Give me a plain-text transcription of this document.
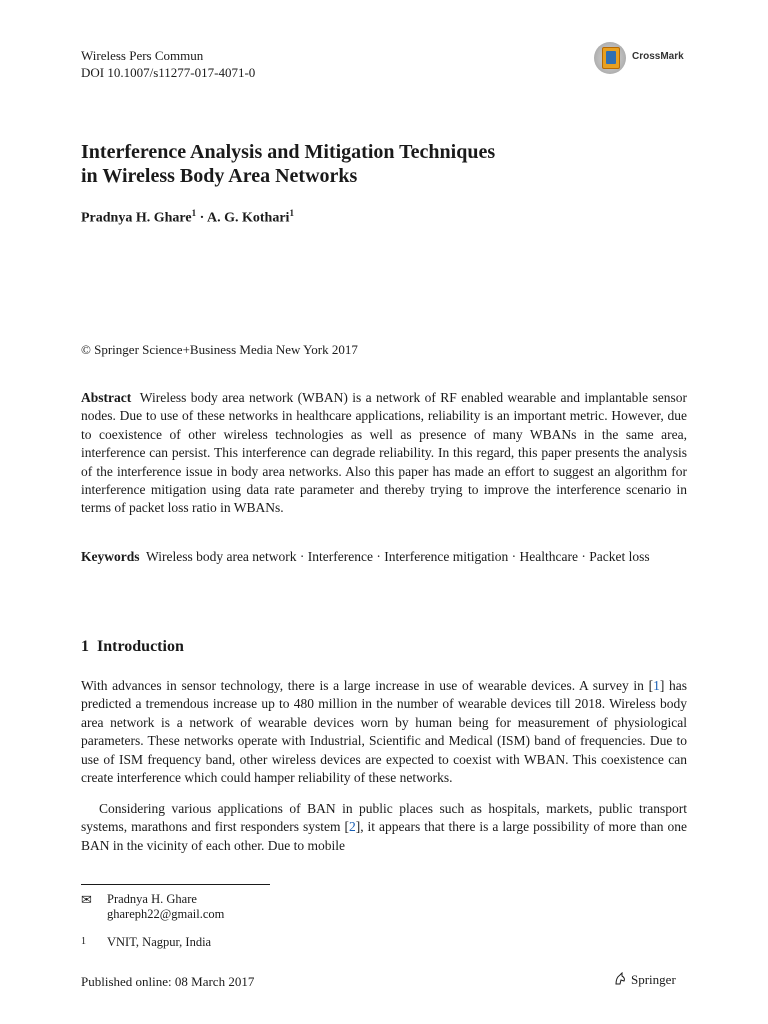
Wireless Pers Commun
DOI 10.1007/s11277-017-4071-0
CrossMark
Interference Analysis and Mitigation Techniques
in Wireless Body Area Networks
Pradnya H. Ghare$^1$ · A. G. Kothari$^1$
© Springer Science+Business Media New York 2017
Abstract Wireless body area network (WBAN) is a network of RF enabled wearable and implantable sensor nodes. Due to use of these networks in healthcare applications, reliability is an important metric. However, due to coexistence of other wireless technologies as well as presence of many WBANs in the same area, interference can persist. This interference can degrade reliability. In this regard, this paper presents the analysis of the interference issue in body area networks. Also this paper has made an effort to suggest an algorithm for interference mitigation using data rate parameter and thereby trying to improve the interference scenario in terms of packet loss ratio in WBANs.
Keywords Wireless body area network · Interference · Interference mitigation · Healthcare · Packet loss
1 Introduction
With advances in sensor technology, there is a large increase in use of wearable devices. A survey in [1] has predicted a tremendous increase up to 480 million in the number of wearable devices till 2018. Wireless body area network is a network of wearable devices worn by human being for measurement of physiological parameters. These networks operate with Industrial, Scientific and Medical (ISM) band of frequencies. Due to use of ISM frequency band, other wireless devices are expected to coexist with WBAN. This coexistence can create interference which could hamper reliability of these networks.
Considering various applications of BAN in public places such as hospitals, markets, public transport systems, marathons and first responders system [2], it appears that there is a large possibility of more than one BAN in the vicinity of each other. Due to mobile
✉ Pradnya H. Ghare
ghareph22@gmail.com
1 VNIT, Nagpur, India
Published online: 08 March 2017	Springer
